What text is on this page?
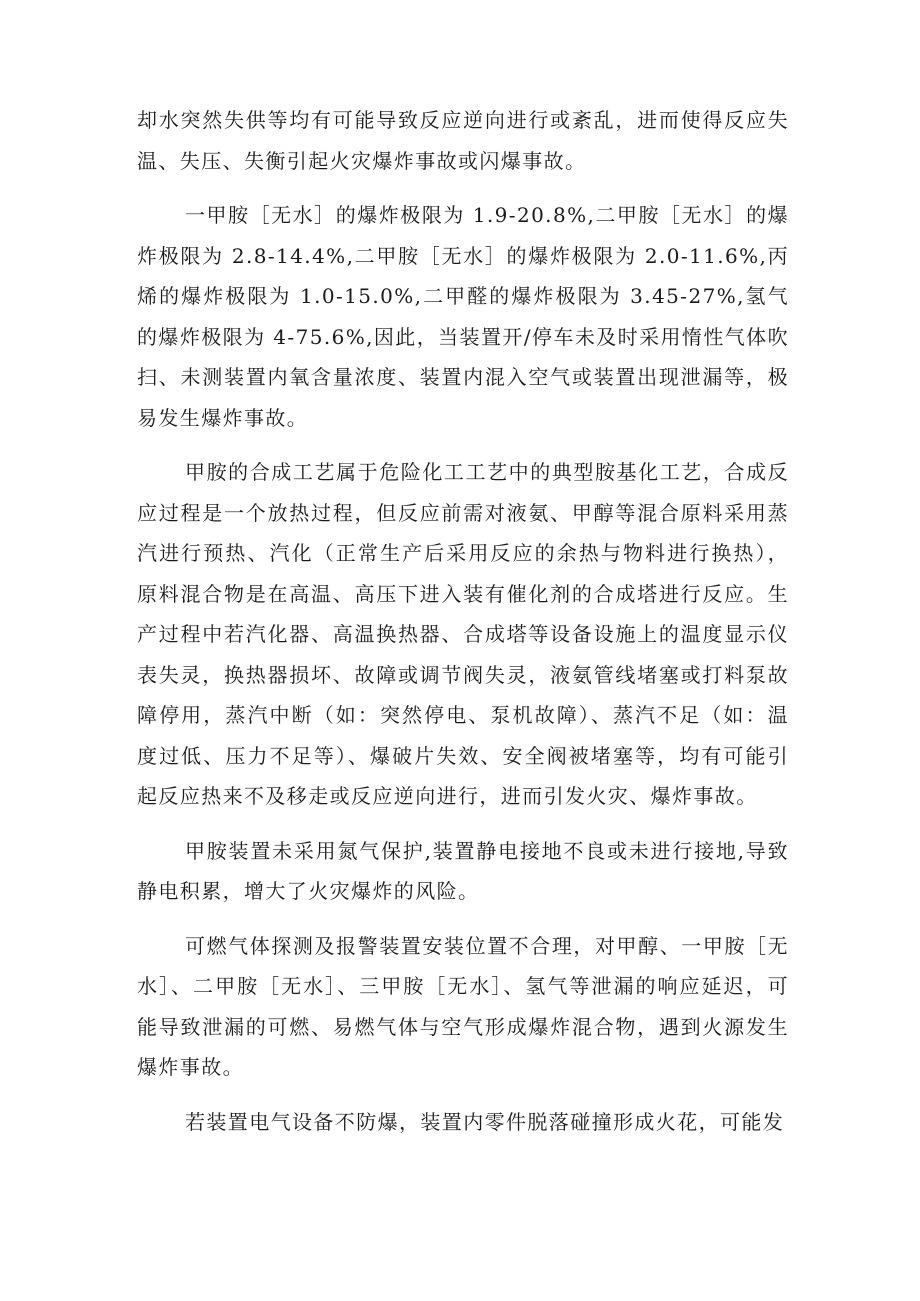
却水突然失供等均有可能导致反应逆向进行或紊乱，进而使得反应失温、失压、失衡引起火灾爆炸事故或闪爆事故。

一甲胺［无水］的爆炸极限为 1.9-20.8%,二甲胺［无水］的爆炸极限为 2.8-14.4%,二甲胺［无水］的爆炸极限为 2.0-11.6%,丙烯的爆炸极限为 1.0-15.0%,二甲醛的爆炸极限为 3.45-27%,氢气的爆炸极限为 4-75.6%,因此，当装置开/停车未及时采用惰性气体吹扫、未测装置内氧含量浓度、装置内混入空气或装置出现泄漏等，极易发生爆炸事故。

甲胺的合成工艺属于危险化工工艺中的典型胺基化工艺，合成反应过程是一个放热过程，但反应前需对液氨、甲醇等混合原料采用蒸汽进行预热、汽化（正常生产后采用反应的余热与物料进行换热），原料混合物是在高温、高压下进入装有催化剂的合成塔进行反应。生产过程中若汽化器、高温换热器、合成塔等设备设施上的温度显示仪表失灵，换热器损坏、故障或调节阀失灵，液氨管线堵塞或打料泵故障停用，蒸汽中断（如：突然停电、泵机故障）、蒸汽不足（如：温度过低、压力不足等）、爆破片失效、安全阀被堵塞等，均有可能引起反应热来不及移走或反应逆向进行，进而引发火灾、爆炸事故。

甲胺装置未采用氮气保护,装置静电接地不良或未进行接地,导致静电积累，增大了火灾爆炸的风险。

可燃气体探测及报警装置安装位置不合理，对甲醇、一甲胺［无水］、二甲胺［无水］、三甲胺［无水］、氢气等泄漏的响应延迟，可能导致泄漏的可燃、易燃气体与空气形成爆炸混合物，遇到火源发生爆炸事故。

若装置电气设备不防爆，装置内零件脱落碰撞形成火花，可能发
